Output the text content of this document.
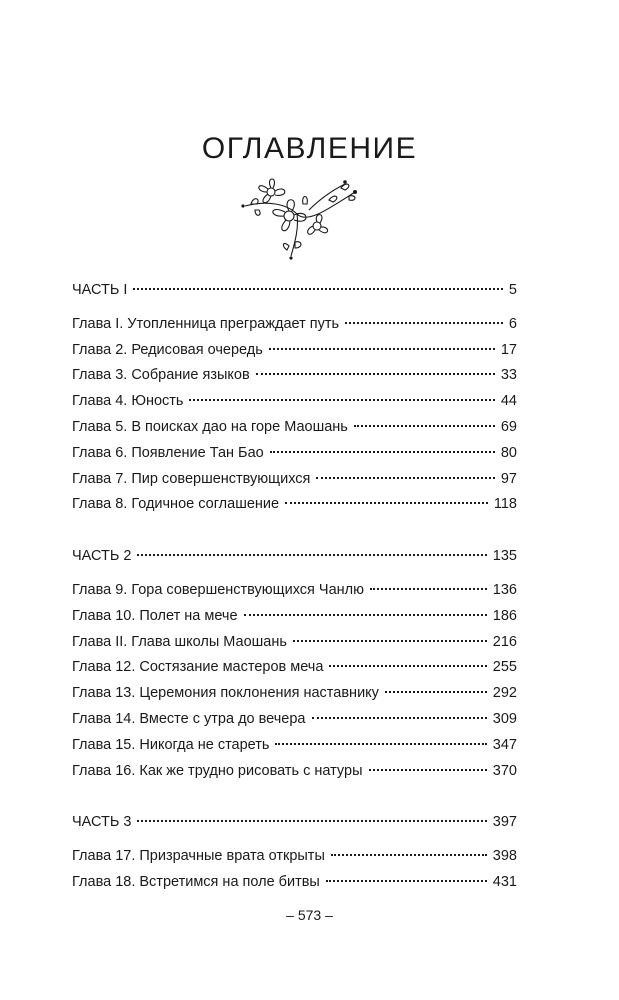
ОГЛАВЛЕНИЕ
ЧАСТЬ I	5
Глава I. Утопленница преграждает путь	6
Глава 2. Редисовая очередь	17
Глава 3. Собрание языков	33
Глава 4. Юность	44
Глава 5. В поисках дао на горе Маошань	69
Глава 6. Появление Тан Бао	80
Глава 7. Пир совершенствующихся	97
Глава 8. Годичное соглашение	118
ЧАСТЬ 2	135
Глава 9. Гора совершенствующихся Чанлю	136
Глава 10. Полет на мече	186
Глава II. Глава школы Маошань	216
Глава 12. Состязание мастеров меча	255
Глава 13. Церемония поклонения наставнику	292
Глава 14. Вместе с утра до вечера	309
Глава 15. Никогда не стареть	347
Глава 16. Как же трудно рисовать с натуры	370
ЧАСТЬ 3	397
Глава 17. Призрачные врата открыты	398
Глава 18. Встретимся на поле битвы	431
– 573 –
